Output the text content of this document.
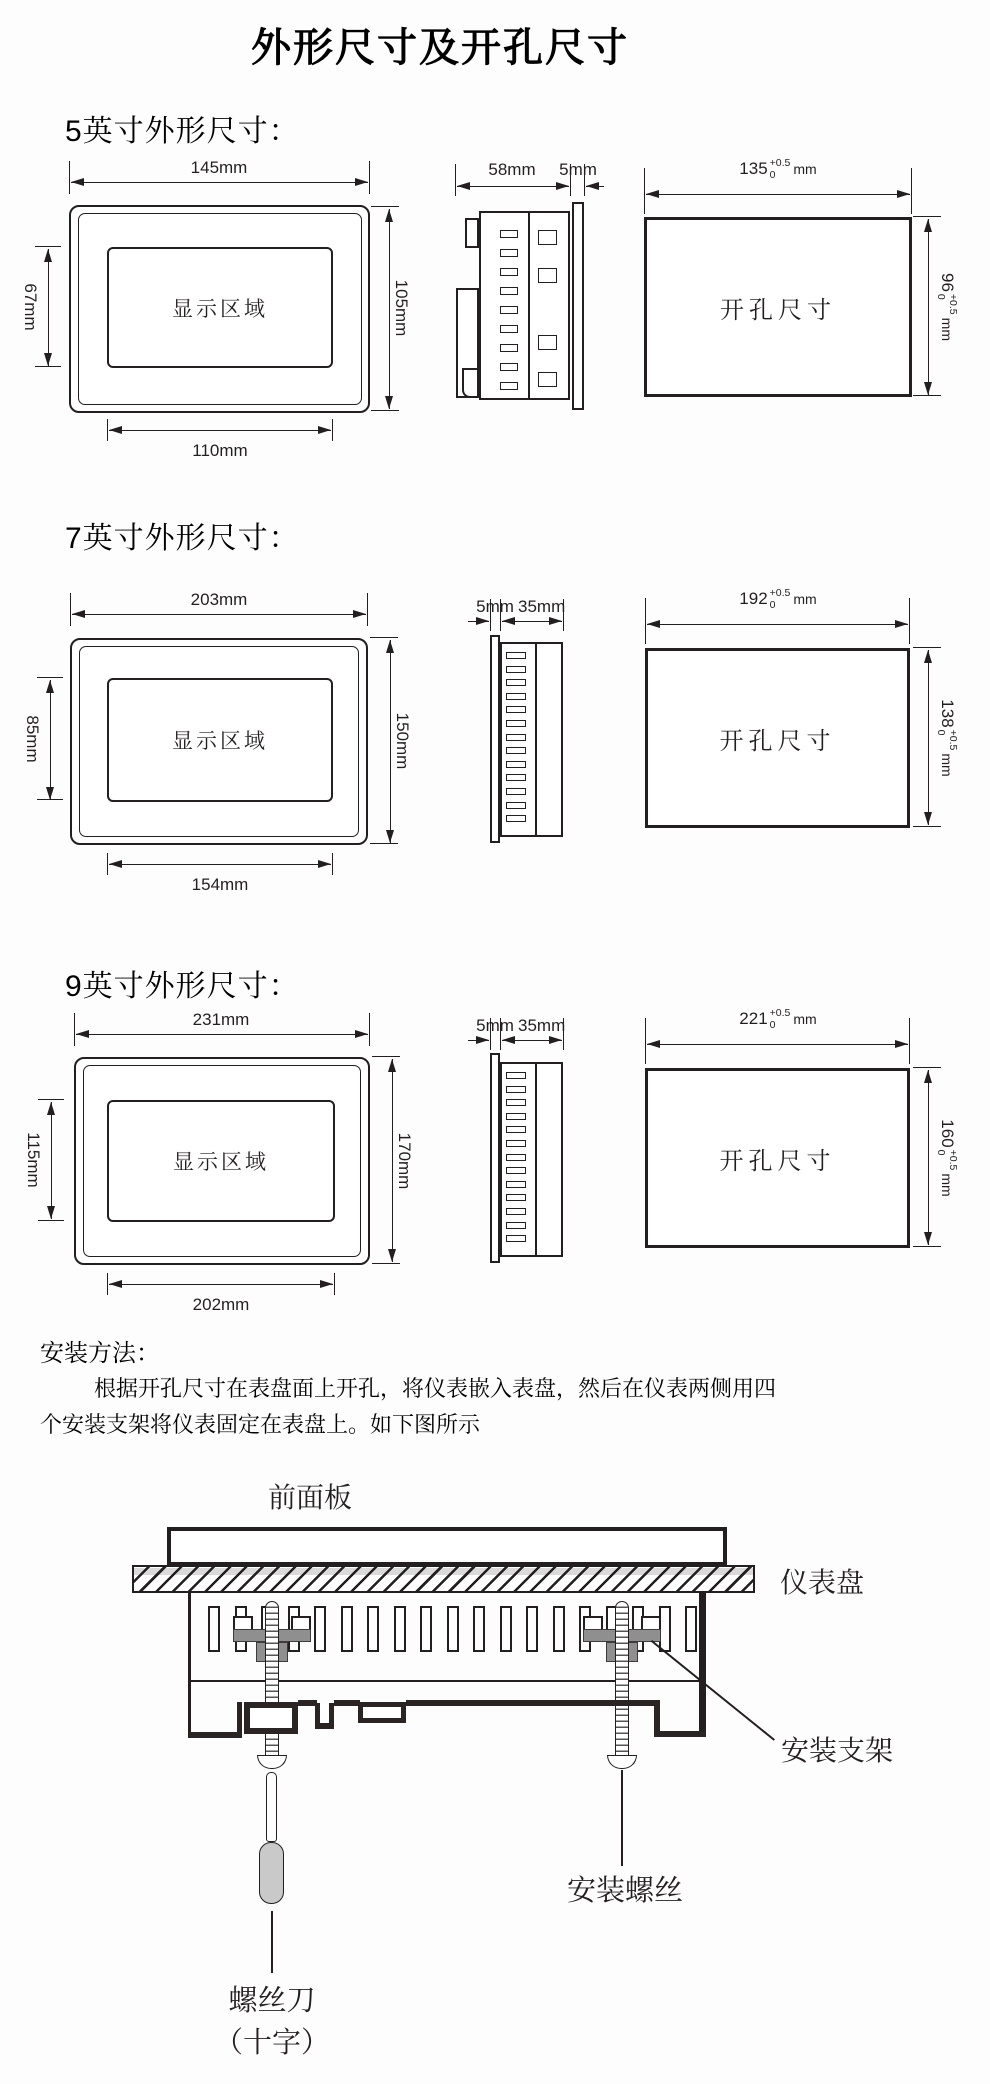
外形尺寸及开孔尺寸
5英寸外形尺寸：
显示区域
145mm
105mm
110mm
67mm
58mm	5mm
开孔尺寸
135 +0.5
0	mm
96
+0.5
0
mm
7英寸外形尺寸：
显示区域
203mm
150mm
154mm
85mm
5mm 35mm
开孔尺寸
192 +0.5
0	mm
138
+0.5
0
mm
9英寸外形尺寸：
显示区域
231mm
170mm
202mm
115mm
5mm 35mm
开孔尺寸
221 +0.5
0	mm
160
+0.5
0
mm
安装方法：
根据开孔尺寸在表盘面上开孔，将仪表嵌入表盘，然后在仪表两侧用四
个安装支架将仪表固定在表盘上。如下图所示
前面板
螺丝刀
（十字）
仪表盘
安装支架
安装螺丝
